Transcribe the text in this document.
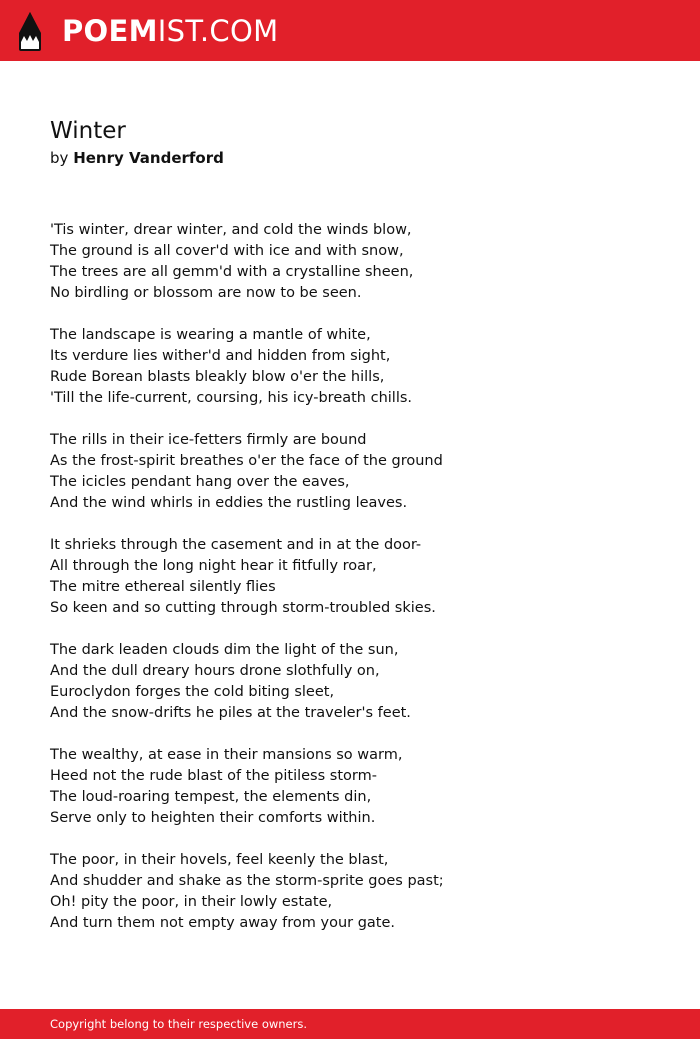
POEMIST.COM
Winter
by Henry Vanderford
'Tis winter, drear winter, and cold the winds blow,
The ground is all cover'd with ice and with snow,
The trees are all gemm'd with a crystalline sheen,
No birdling or blossom are now to be seen.
The landscape is wearing a mantle of white,
Its verdure lies wither'd and hidden from sight,
Rude Borean blasts bleakly blow o'er the hills,
'Till the life-current, coursing, his icy-breath chills.
The rills in their ice-fetters firmly are bound
As the frost-spirit breathes o'er the face of the ground
The icicles pendant hang over the eaves,
And the wind whirls in eddies the rustling leaves.
It shrieks through the casement and in at the door-
All through the long night hear it fitfully roar,
The mitre ethereal silently flies
So keen and so cutting through storm-troubled skies.
The dark leaden clouds dim the light of the sun,
And the dull dreary hours drone slothfully on,
Euroclydon forges the cold biting sleet,
And the snow-drifts he piles at the traveler's feet.
The wealthy, at ease in their mansions so warm,
Heed not the rude blast of the pitiless storm-
The loud-roaring tempest, the elements din,
Serve only to heighten their comforts within.
The poor, in their hovels, feel keenly the blast,
And shudder and shake as the storm-sprite goes past;
Oh! pity the poor, in their lowly estate,
And turn them not empty away from your gate.
Copyright belong to their respective owners.
